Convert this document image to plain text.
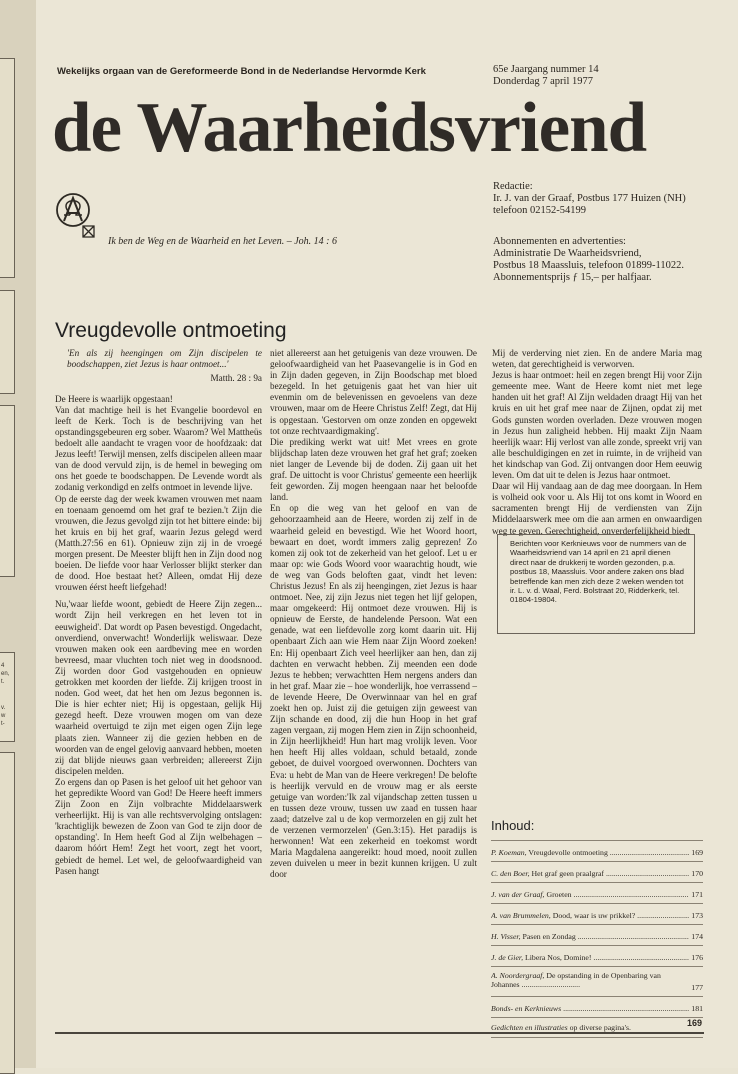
4
en,
t.
v.
w
t-
Wekelijks orgaan van de Gereformeerde Bond in de Nederlandse Hervormde Kerk	65e Jaargang nummer 14
Donderdag 7 april 1977
de Waarheidsvriend
Ik ben de Weg en de Waarheid en het Leven. – Joh. 14 : 6
Redactie:
Ir. J. van der Graaf, Postbus 177 Huizen (NH)
telefoon 02152-54199
Abonnementen en advertenties:
Administratie De Waarheidsvriend,
Postbus 18 Maassluis, telefoon 01899-11022.
Abonnementsprijs ƒ 15,– per halfjaar.
Vreugdevolle ontmoeting

'En als zij heengingen om Zijn discipelen te boodschappen, ziet Jezus is haar ontmoet...'

Matth. 28 : 9a

De Heere is waarlijk opgestaan!

Van dat machtige heil is het Evangelie boordevol en leeft de Kerk. Toch is de beschrijving van het opstandingsgebeuren erg sober. Waarom? Wel Mattheüs bedoelt alle aandacht te vragen voor de hoofdzaak: dat Jezus leeft! Terwijl mensen, zelfs discipelen alleen maar van de dood vervuld zijn, is de hemel in beweging om ons het goede te boodschappen. De Levende wordt als zodanig verkondigd en zelfs ontmoet in levende lijve.

Op de eerste dag der week kwamen vrouwen met naam en toenaam genoemd om het graf te bezien.'t Zijn die vrouwen, die Jezus gevolgd zijn tot het bittere einde: bij het kruis en bij het graf, waarin Jezus gelegd werd (Matth.27:56 en 61). Opnieuw zijn zij in de vroegé morgen present. De Meester blijft hen in Zijn dood nog boeien. De liefde voor haar Verlosser blijkt sterker dan de dood. Hoe bestaat het? Alleen, omdat Hij deze vrouwen éérst heeft liefgehad!

Nu,'waar liefde woont, gebiedt de Heere Zijn zegen... wordt Zijn heil verkregen en het leven tot in eeuwigheid'. Dat wordt op Pasen bevestigd. Ongedacht, onverdiend, onverwacht! Wonderlijk weliswaar. Deze vrouwen maken ook een aardbeving mee en worden bevreesd, maar vluchten toch niet weg in doodsnood. Zij worden door God vastgehouden en opnieuw getrokken met koorden der liefde. Zij krijgen troost in noden. God weet, dat het hen om Jezus begonnen is. Die is hier echter niet; Hij is opgestaan, gelijk Hij gezegd heeft. Deze vrouwen mogen om van deze waarheid overtuigd te zijn met eigen ogen Zijn lege plaats zien. Wanneer zij die gezien hebben en de woorden van de engel gelovig aanvaard hebben, moeten zij dat blijde nieuws gaan verbreiden; allereerst Zijn discipelen melden.

Zo ergens dan op Pasen is het geloof uit het gehoor van het gepredikte Woord van God! De Heere heeft immers Zijn Zoon en Zijn volbrachte Middelaarswerk verheerlijkt. Hij is van alle rechtsvervolging ontslagen: 'krachtiglijk bewezen de Zoon van God te zijn door de opstanding'. In Hem heeft God al Zijn welbehagen – daarom hóórt Hem! Zegt het voort, zegt het voort, gebiedt de hemel. Let wel, de geloofwaardigheid van Pasen hangt

niet allereerst aan het getuigenis van deze vrouwen. De geloofwaardigheid van het Paasevangelie is in God en in Zijn daden gegeven, in Zijn Boodschap met bloed bezegeld. In het getuigenis gaat het van hier uit evenmin om de belevenissen en gevoelens van deze vrouwen, maar om de Heere Christus Zelf! Zegt, dat Hij is opgestaan. 'Gestorven om onze zonden en opgewekt tot onze rechtvaardigmaking'.

Die prediking werkt wat uit! Met vrees en grote blijdschap laten deze vrouwen het graf het graf; zoeken niet langer de Levende bij de doden. Zij gaan uit het graf. De uittocht is voor Christus' gemeente een heerlijk feit geworden. Zij mogen heengaan naar het beloofde land.

En op die weg van het geloof en van de gehoorzaamheid aan de Heere, worden zij zelf in de waarheid geleid en bevestigd. Wie het Woord hoort, bewaart en doet, wordt immers zalig geprezen! Zo komen zij ook tot de zekerheid van het geloof. Let u er maar op: wie Gods Woord voor waarachtig houdt, wie de weg van Gods beloften gaat, vindt het leven: Christus Jezus! En als zij heengingen, ziet Jezus is haar ontmoet. Nee, zij zijn Jezus niet tegen het lijf gelopen, maar omgekeerd: Hij ontmoet deze vrouwen. Hij is opnieuw de Eerste, de handelende Persoon. Wat een genade, wat een liefdevolle zorg komt daarin uit. Hij openbaart Zich aan wie Hem naar Zijn Woord zoeken! En: Hij openbaart Zich veel heerlijker aan hen, dan zij dachten en verwacht hebben. Zij meenden een dode Jezus te hebben; verwachtten Hem nergens anders dan in het graf. Maar zie – hoe wonderlijk, hoe verrassend – de levende Heere, De Overwinnaar van hel en graf zoekt hen op. Juist zij die getuigen zijn geweest van Zijn schande en dood, zij die hun Hoop in het graf zagen vergaan, zij mogen Hem zien in Zijn schoonheid, in Zijn heerlijkheid! Hun hart mag vrolijk leven. Voor hen heeft Hij alles voldaan, schuld betaald, zonde geboet, de duivel voorgoed overwonnen. Dochters van Eva: u hebt de Man van de Heere verkregen! De belofte is heerlijk vervuld en de vrouw mag er als eerste getuige van worden:'Ik zal vijandschap zetten tussen u en tussen deze vrouw, tussen uw zaad en tussen haar zaad; datzelve zal u de kop vermorzelen en gij zult het de verzenen vermorzelen' (Gen.3:15). Het paradijs is herwonnen! Wat een zekerheid en toekomst wordt Maria Magdalena aangereikt: houd moed, nooit zullen zeven duivelen u meer in bezit kunnen krijgen. U zult door

Mij de verderving niet zien. En de andere Maria mag weten, dat gerechtigheid is verworven.

Jezus is haar ontmoet: heil en zegen brengt Hij voor Zijn gemeente mee. Want de Heere komt niet met lege handen uit het graf! Al Zijn weldaden draagt Hij van het kruis en uit het graf mee naar de Zijnen, opdat zij met Gods gunsten worden overladen. Deze vrouwen mogen in Jezus hun zaligheid hebben. Hij maakt Zijn Naam heerlijk waar: Hij verlost van alle zonde, spreekt vrij van alle beschuldigingen en zet in ruimte, in de vrijheid van het kindschap van God. Zij ontvangen door Hem eeuwig leven. Om dat uit te delen is Jezus haar ontmoet.

Daar wil Hij vandaag aan de dag mee doorgaan. In Hem is volheid ook voor u. Als Hij tot ons komt in Woord en sacramenten brengt Hij de verdiensten van Zijn Middelaarswerk mee om die aan armen en onwaardigen weg te geven. Gerechtigheid, onverderfelijkheid biedt

Berichten voor Kerknieuws voor de nummers van de Waarheidsvriend van 14 april en 21 april dienen direct naar de drukkerij te worden gezonden, p.a. postbus 18, Maassluis. Voor andere zaken ons blad betreffende kan men zich deze 2 weken wenden tot ir. L. v. d. Waal, Ferd. Bolstraat 20, Ridderkerk, tel. 01804-19804.
Inhoud:
P. Koeman, Vreugdevolle ontmoeting .....	169
C. den Boer, Het graf geen praalgraf .....	170
J. van der Graaf, Groeten .....	171
A. van Brummelen, Dood, waar is uw prikkel? .....	173
H. Visser, Pasen en Zondag .....	174
J. de Gier, Libera Nos, Domine! .....	176
A. Noordergraaf, De opstanding in de Openbaring van Johannes ..............................	177
Bonds- en Kerknieuws .....	181
Gedichten en illustraties op diverse pagina's.	169
